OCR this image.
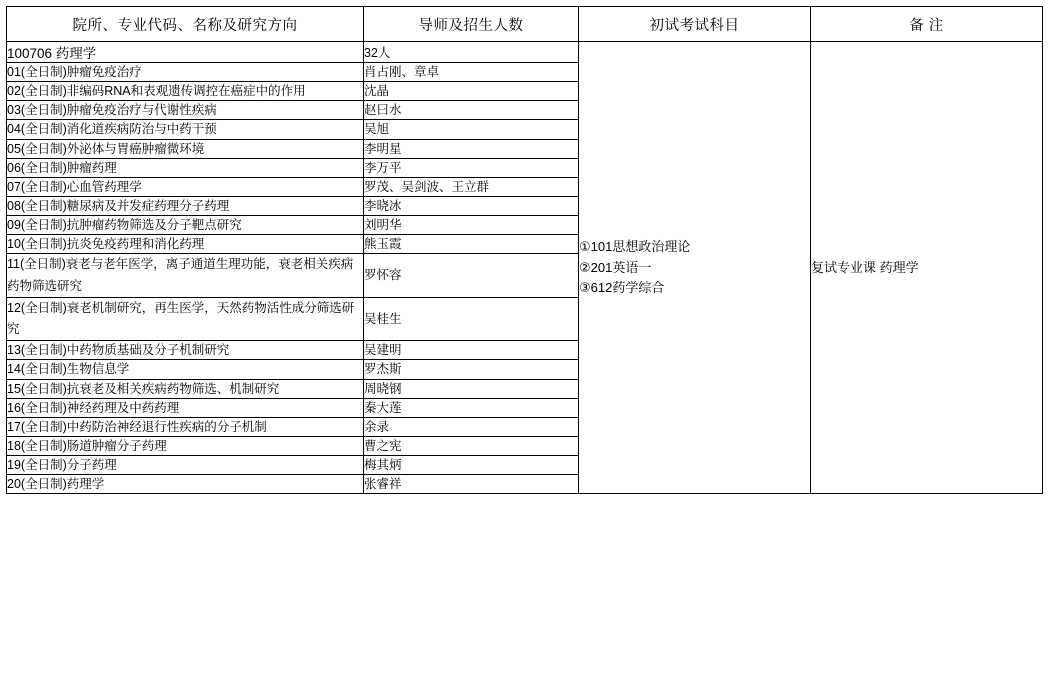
院所、专业代码、名称及研究方向	导师及招生人数	初试考试科目	备 注

100706 药理学	32人	①101思想政治理论
②201英语一
③612药学综合	复试专业课 药理学
01(全日制)肿瘤免疫治疗	肖占刚、章卓		
02(全日制)非编码RNA和表观遗传调控在癌症中的作用	沈晶		
03(全日制)肿瘤免疫治疗与代谢性疾病	赵曰水		
04(全日制)消化道疾病防治与中药干预	吴旭		
05(全日制)外泌体与胃癌肿瘤微环境	李明星		
06(全日制)肿瘤药理	李万平		
07(全日制)心血管药理学	罗茂、吴剑波、王立群		
08(全日制)糖尿病及并发症药理分子药理	李晓冰		
09(全日制)抗肿瘤药物筛选及分子靶点研究	刘明华		
10(全日制)抗炎免疫药理和消化药理	熊玉霞		
11(全日制)衰老与老年医学，离子通道生理功能，衰老相关疾病药物筛选研究	罗怀容		
12(全日制)衰老机制研究，再生医学，天然药物活性成分筛选研究	吴桂生		
13(全日制)中药物质基础及分子机制研究	吴建明		
14(全日制)生物信息学	罗杰斯		
15(全日制)抗衰老及相关疾病药物筛选、机制研究	周晓钢		
16(全日制)神经药理及中药药理	秦大莲		
17(全日制)中药防治神经退行性疾病的分子机制	余录		
18(全日制)肠道肿瘤分子药理	曹之宪		
19(全日制)分子药理	梅其炳		
20(全日制)药理学	张睿祥		
